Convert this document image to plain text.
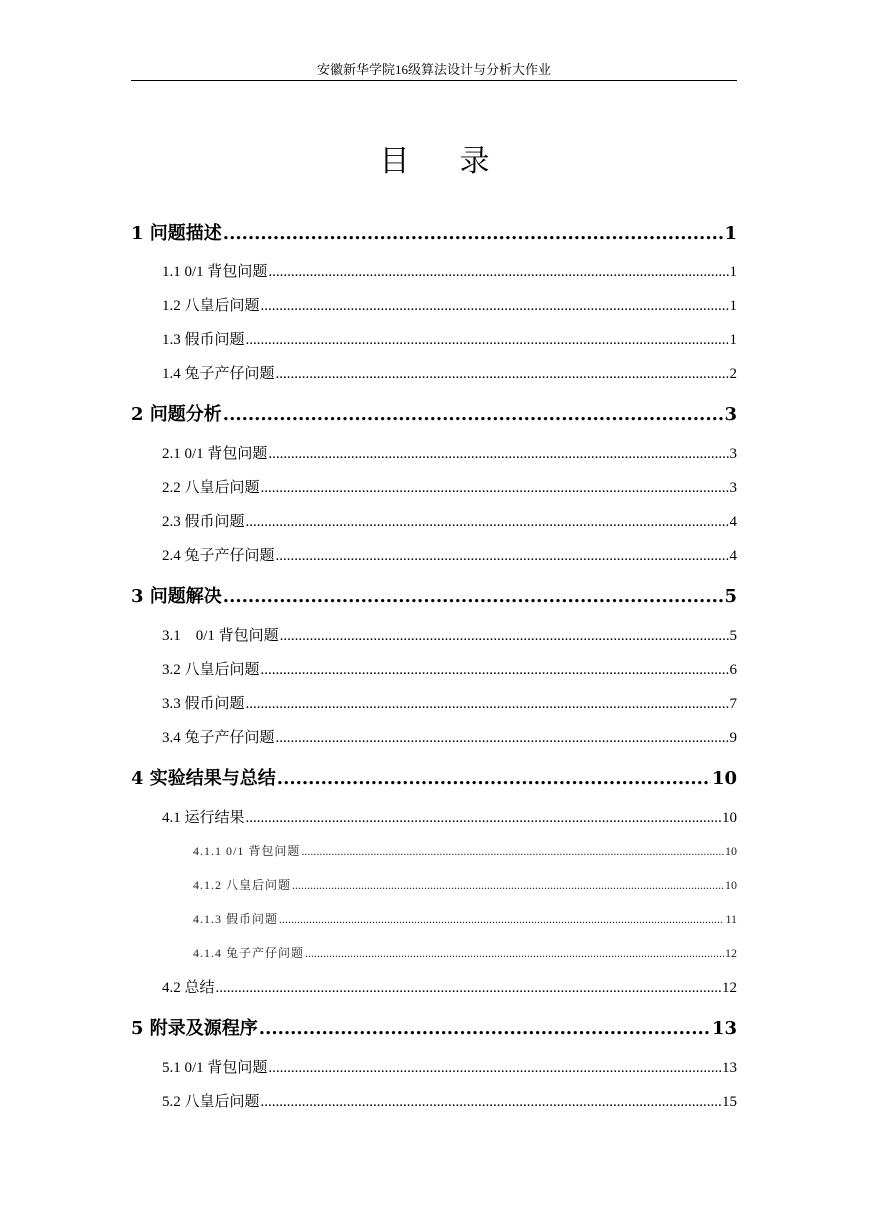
安徽新华学院16级算法设计与分析大作业
目 录
1 问题描述 .....	1
1.1 0/1 背包问题 .....	1
1.2 八皇后问题 .....	1
1.3 假币问题 .....	1
1.4 兔子产仔问题 .....	2
2 问题分析 .....	3
2.1 0/1 背包问题 .....	3
2.2 八皇后问题 .....	3
2.3 假币问题 .....	4
2.4 兔子产仔问题 .....	4
3 问题解决 .....	5
3.1    0/1 背包问题 .....	5
3.2 八皇后问题 .....	6
3.3 假币问题 .....	7
3.4 兔子产仔问题 .....	9
4 实验结果与总结 .....	10
4.1 运行结果 .....	10
4.1.1 0/1 背包问题 .....	10
4.1.2 八皇后问题 .....	10
4.1.3 假币问题 .....	11
4.1.4 兔子产仔问题 .....	12
4.2 总结 .....	12
5 附录及源程序 .....	13
5.1 0/1 背包问题 .....	13
5.2 八皇后问题 .....	15
